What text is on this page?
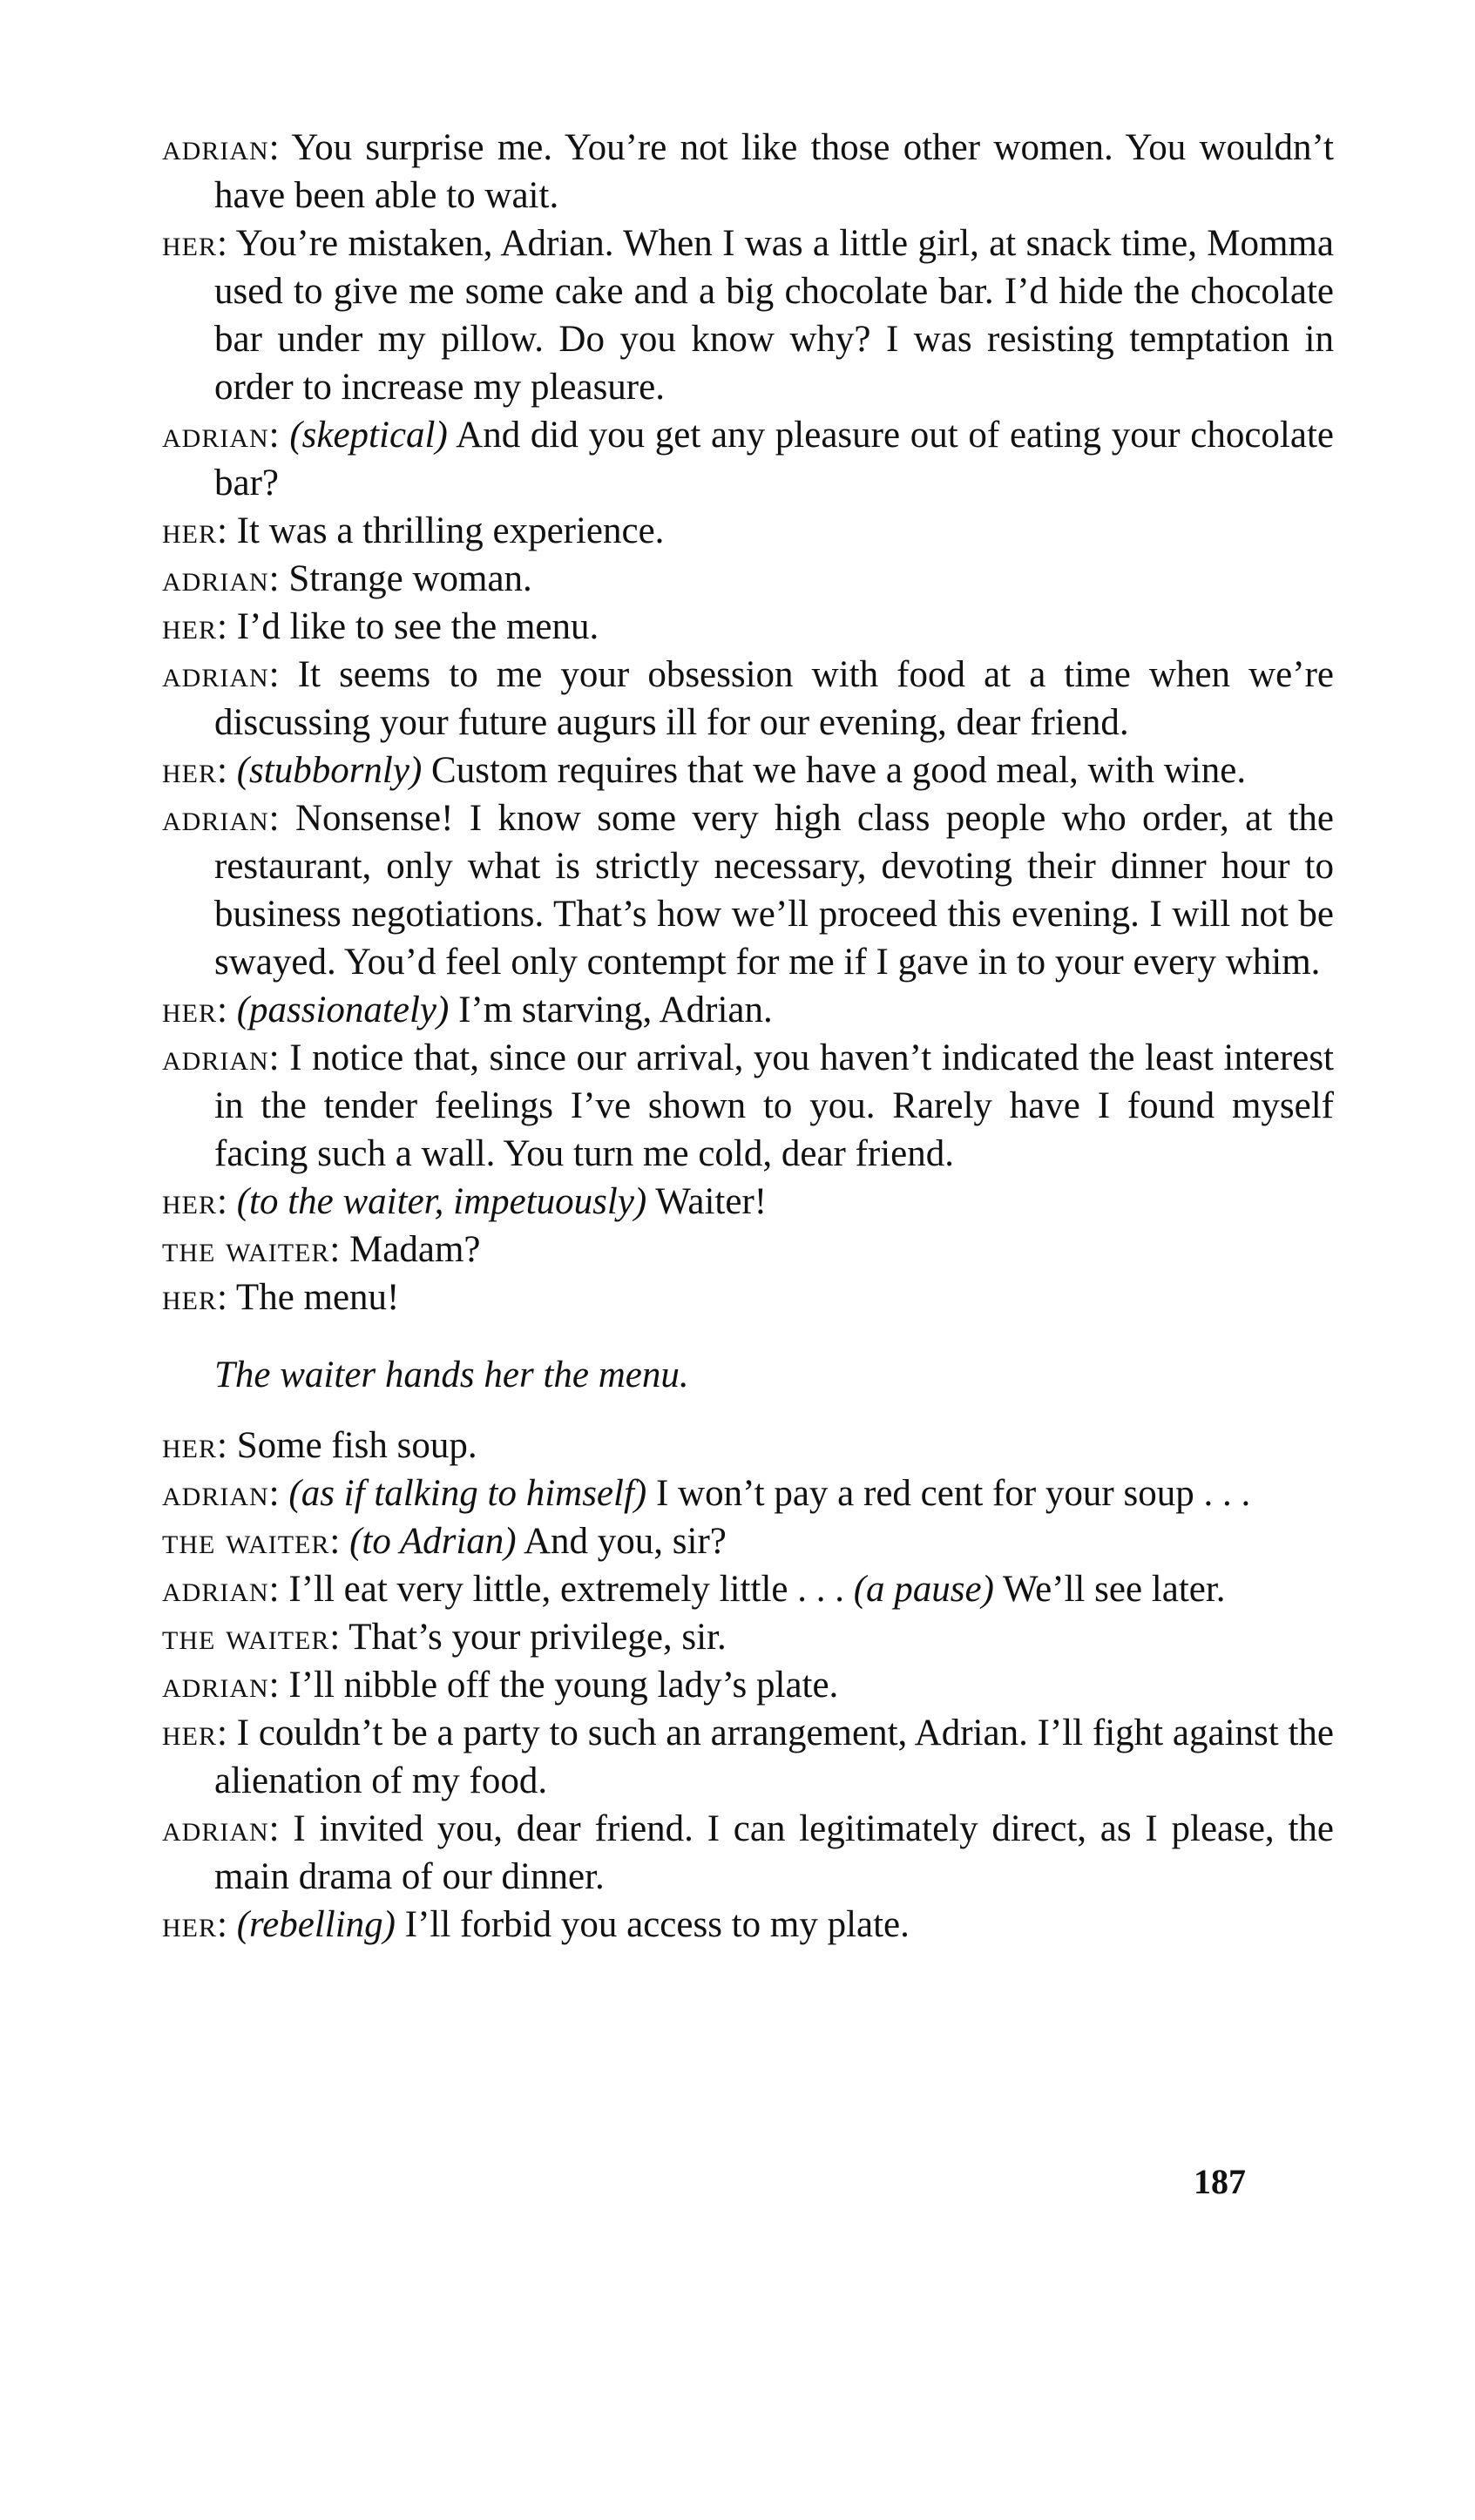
adrian: You surprise me. You’re not like those other women. You wouldn’t have been able to wait.

her: You’re mistaken, Adrian. When I was a little girl, at snack time, Momma used to give me some cake and a big chocolate bar. I’d hide the chocolate bar under my pillow. Do you know why? I was resisting temptation in order to increase my pleasure.

adrian: (skeptical) And did you get any pleasure out of eating your chocolate bar?

her: It was a thrilling experience.

adrian: Strange woman.

her: I’d like to see the menu.

adrian: It seems to me your obsession with food at a time when we’re discussing your future augurs ill for our evening, dear friend.

her: (stubbornly) Custom requires that we have a good meal, with wine.

adrian: Nonsense! I know some very high class people who order, at the restaurant, only what is strictly necessary, devoting their dinner hour to business negotiations. That’s how we’ll proceed this evening. I will not be swayed. You’d feel only contempt for me if I gave in to your every whim.

her: (passionately) I’m starving, Adrian.

adrian: I notice that, since our arrival, you haven’t indicated the least interest in the tender feelings I’ve shown to you. Rarely have I found myself facing such a wall. You turn me cold, dear friend.

her: (to the waiter, impetuously) Waiter!

the waiter: Madam?

her: The menu!

The waiter hands her the menu.

her: Some fish soup.

adrian: (as if talking to himself) I won’t pay a red cent for your soup . . .

the waiter: (to Adrian) And you, sir?

adrian: I’ll eat very little, extremely little . . . (a pause) We’ll see later.

the waiter: That’s your privilege, sir.

adrian: I’ll nibble off the young lady’s plate.

her: I couldn’t be a party to such an arrangement, Adrian. I’ll fight against the alienation of my food.

adrian: I invited you, dear friend. I can legitimately direct, as I please, the main drama of our dinner.

her: (rebelling) I’ll forbid you access to my plate.

187
